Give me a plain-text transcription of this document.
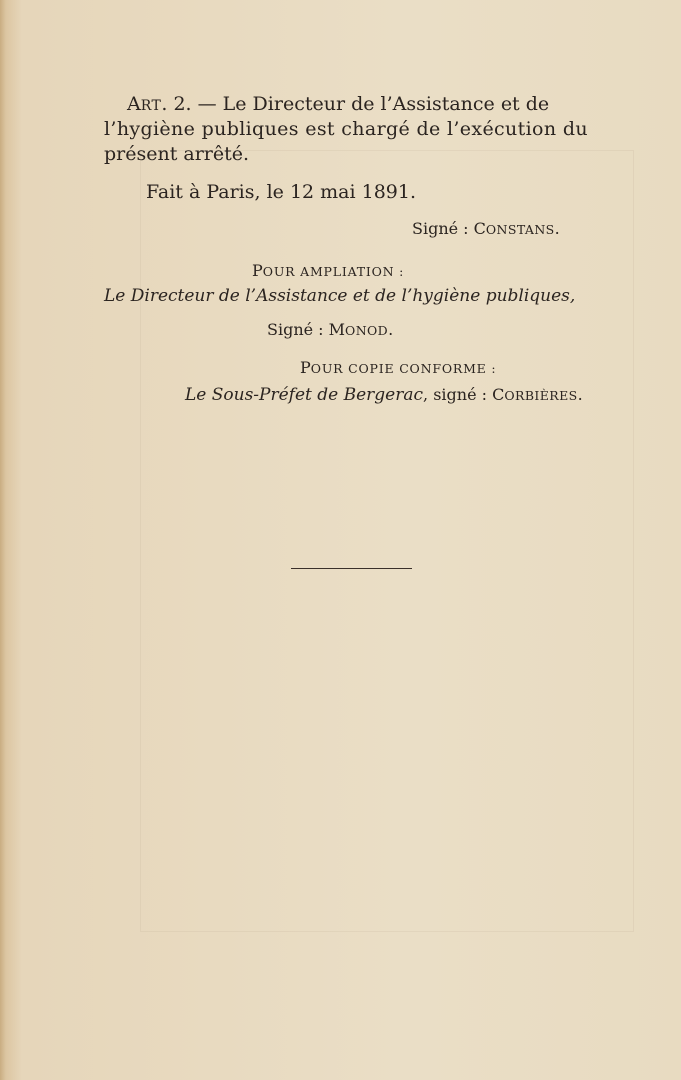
ART. 2. — Le Directeur de l’Assistance et de
l’hygiène publiques est chargé de l’exécution du
présent arrêté.
Fait à Paris, le 12 mai 1891.
Signé : CONSTANS.
POUR AMPLIATION :
Le Directeur de l’Assistance et de l’hygiène publiques,
Signé : MONOD.
POUR COPIE CONFORME :
Le Sous-Préfet de Bergerac, signé : CORBIÈRES.
